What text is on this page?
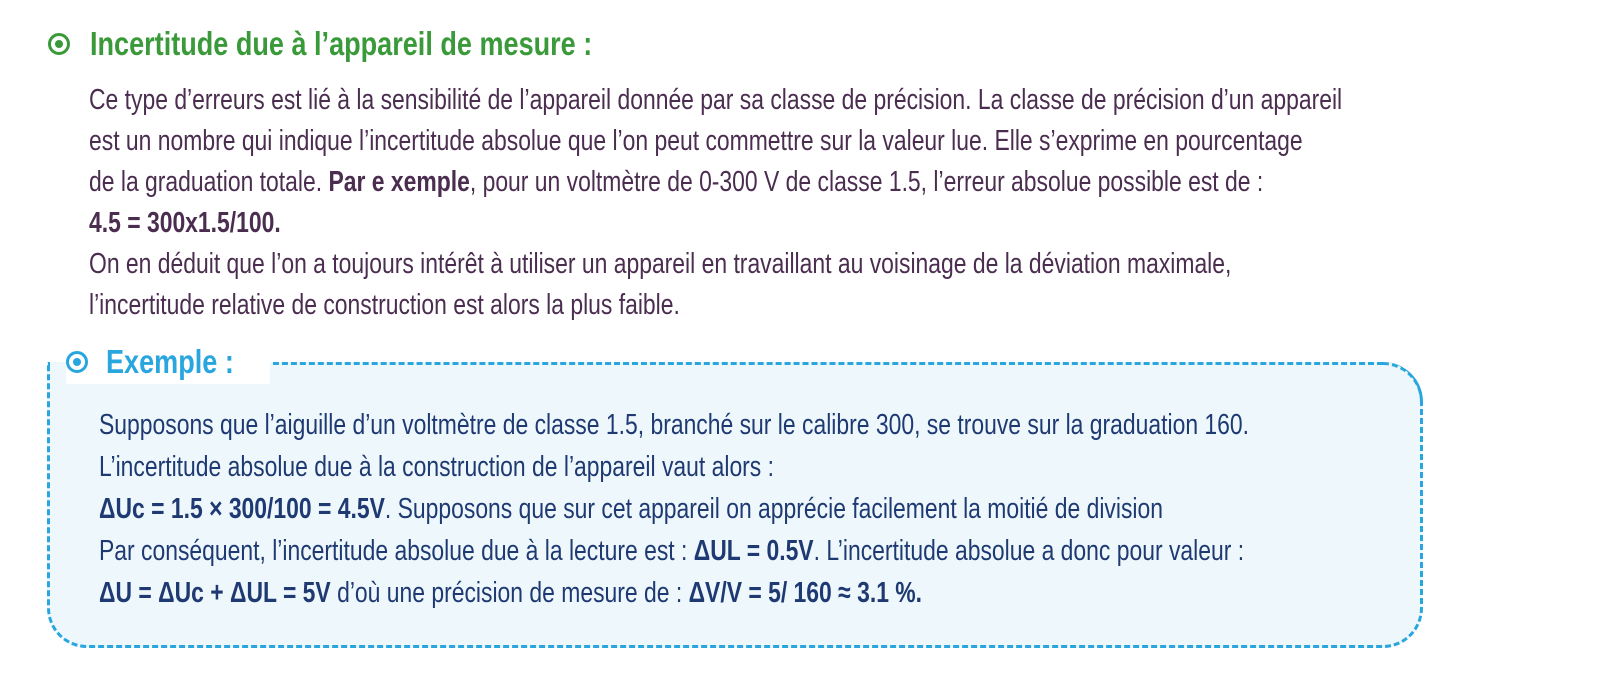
Incertitude due à l’appareil de mesure :
Ce type d’erreurs est lié à la sensibilité de l’appareil donnée par sa classe de précision. La classe de précision d’un appareil
est un nombre qui indique l’incertitude absolue que l’on peut commettre sur la valeur lue. Elle s’exprime en pourcentage
de la graduation totale. Par e xemple, pour un voltmètre de 0-300 V de classe 1.5, l’erreur absolue possible est de :
4.5 = 300x1.5/100.
On en déduit que l’on a toujours intérêt à utiliser un appareil en travaillant au voisinage de la déviation maximale,
l’incertitude relative de construction est alors la plus faible.
Exemple :
Supposons que l’aiguille d’un voltmètre de classe 1.5, branché sur le calibre 300, se trouve sur la graduation 160.
L’incertitude absolue due à la construction de l’appareil vaut alors :
ΔUc = 1.5 × 300/100 = 4.5V. Supposons que sur cet appareil on apprécie facilement la moitié de division
Par conséquent, l’incertitude absolue due à la lecture est : ΔUL = 0.5V. L’incertitude absolue a donc pour valeur :
ΔU = ΔUc + ΔUL = 5V d’où une précision de mesure de : ΔV/V = 5/ 160 ≈ 3.1 %.
